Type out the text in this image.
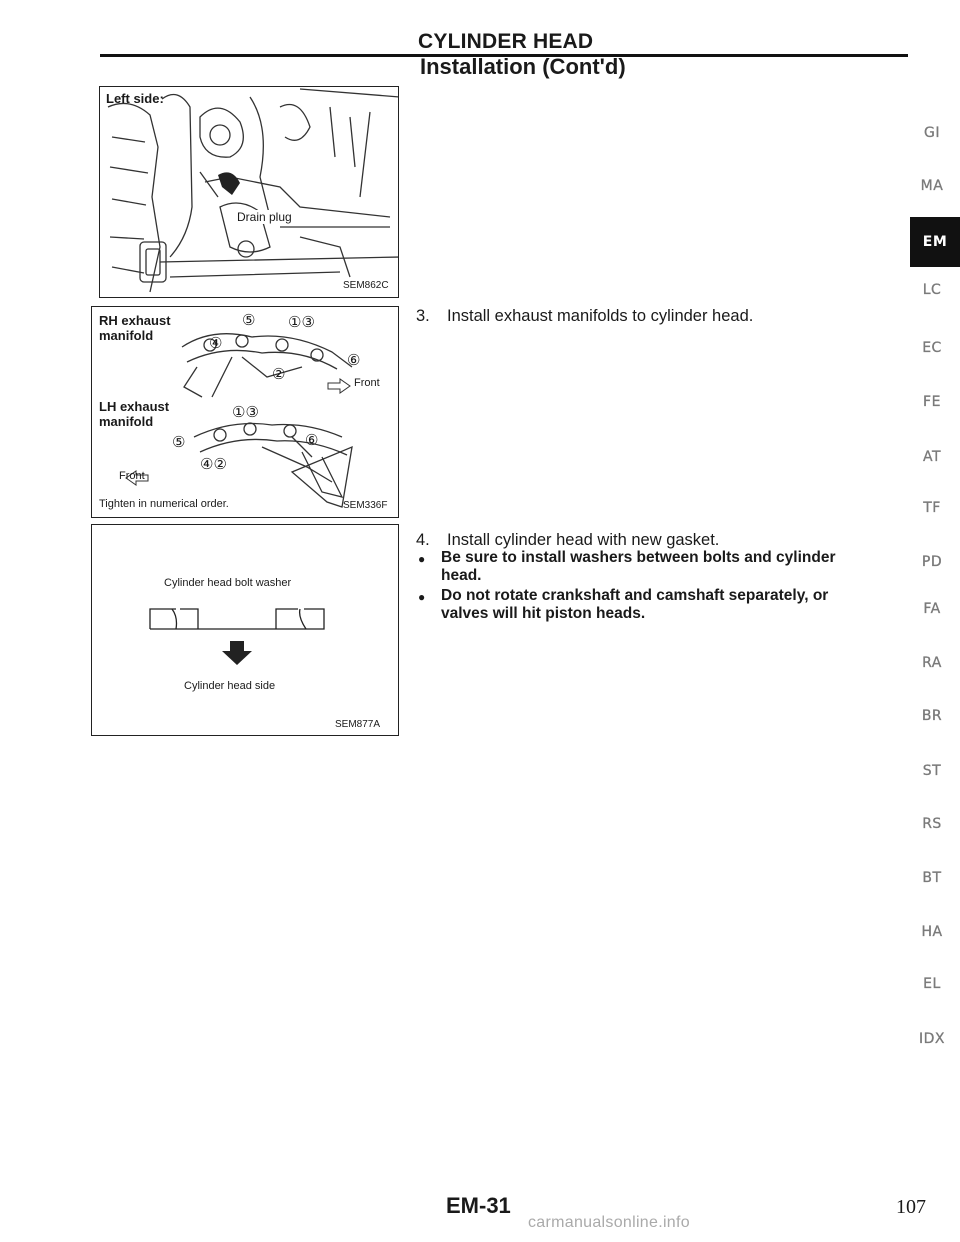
CYLINDER HEAD
Installation (Cont'd)
Left side:
Drain plug
SEM862C
RH exhaust
manifold
LH exhaust
manifold
⑤ ①③
④
②
⑥
Front
①③
⑤	⑥
④②
Front
Tighten in numerical order.	SEM336F
Cylinder head bolt washer
Cylinder head side
SEM877A
3. Install exhaust manifolds to cylinder head.
4. Install cylinder head with new gasket.
● Be sure to install washers between bolts and cylinder
head.
● Do not rotate crankshaft and camshaft separately, or
valves will hit piston heads.
GI
MA
EM
LC
EC
FE
AT
TF
PD
FA
RA
BR
ST
RS
BT
HA
EL
IDX
EM-31	107
carmanualsonline.info
